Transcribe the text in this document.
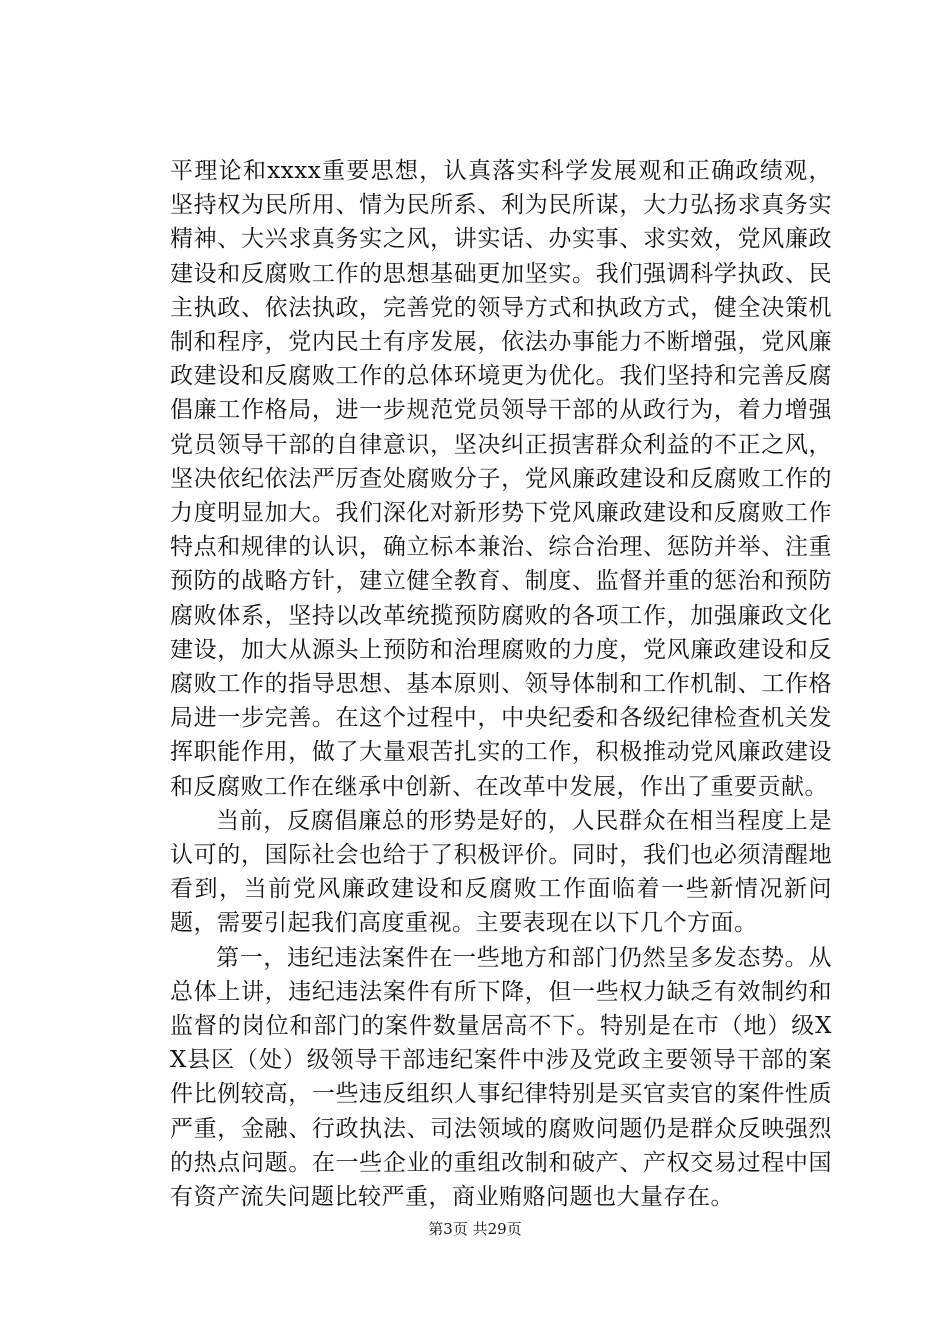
平理论和xxxx重要思想，认真落实科学发展观和正确政绩观，坚持权为民所用、情为民所系、利为民所谋，大力弘扬求真务实精神、大兴求真务实之风，讲实话、办实事、求实效，党风廉政建设和反腐败工作的思想基础更加坚实。我们强调科学执政、民主执政、依法执政，完善党的领导方式和执政方式，健全决策机制和程序，党内民土有序发展，依法办事能力不断增强，党风廉政建设和反腐败工作的总体环境更为优化。我们坚持和完善反腐倡廉工作格局，进一步规范党员领导干部的从政行为，着力增强党员领导干部的自律意识，坚决纠正损害群众利益的不正之风，坚决依纪依法严厉查处腐败分子，党风廉政建设和反腐败工作的力度明显加大。我们深化对新形势下党风廉政建设和反腐败工作特点和规律的认识，确立标本兼治、综合治理、惩防并举、注重预防的战略方针，建立健全教育、制度、监督并重的惩治和预防腐败体系，坚持以改革统揽预防腐败的各项工作，加强廉政文化建设，加大从源头上预防和治理腐败的力度，党风廉政建设和反腐败工作的指导思想、基本原则、领导体制和工作机制、工作格局进一步完善。在这个过程中，中央纪委和各级纪律检查机关发挥职能作用，做了大量艰苦扎实的工作，积极推动党风廉政建设和反腐败工作在继承中创新、在改革中发展，作出了重要贡献。

当前，反腐倡廉总的形势是好的，人民群众在相当程度上是认可的，国际社会也给于了积极评价。同时，我们也必须清醒地看到，当前党风廉政建设和反腐败工作面临着一些新情况新问题，需要引起我们高度重视。主要表现在以下几个方面。

第一，违纪违法案件在一些地方和部门仍然呈多发态势。从总体上讲，违纪违法案件有所下降，但一些权力缺乏有效制约和监督的岗位和部门的案件数量居高不下。特别是在市（地）级XX县区（处）级领导干部违纪案件中涉及党政主要领导干部的案件比例较高，一些违反组织人事纪律特别是买官卖官的案件性质严重，金融、行政执法、司法领域的腐败问题仍是群众反映强烈的热点问题。在一些企业的重组改制和破产、产权交易过程中国有资产流失问题比较严重，商业贿赂问题也大量存在。

第3页 共29页
